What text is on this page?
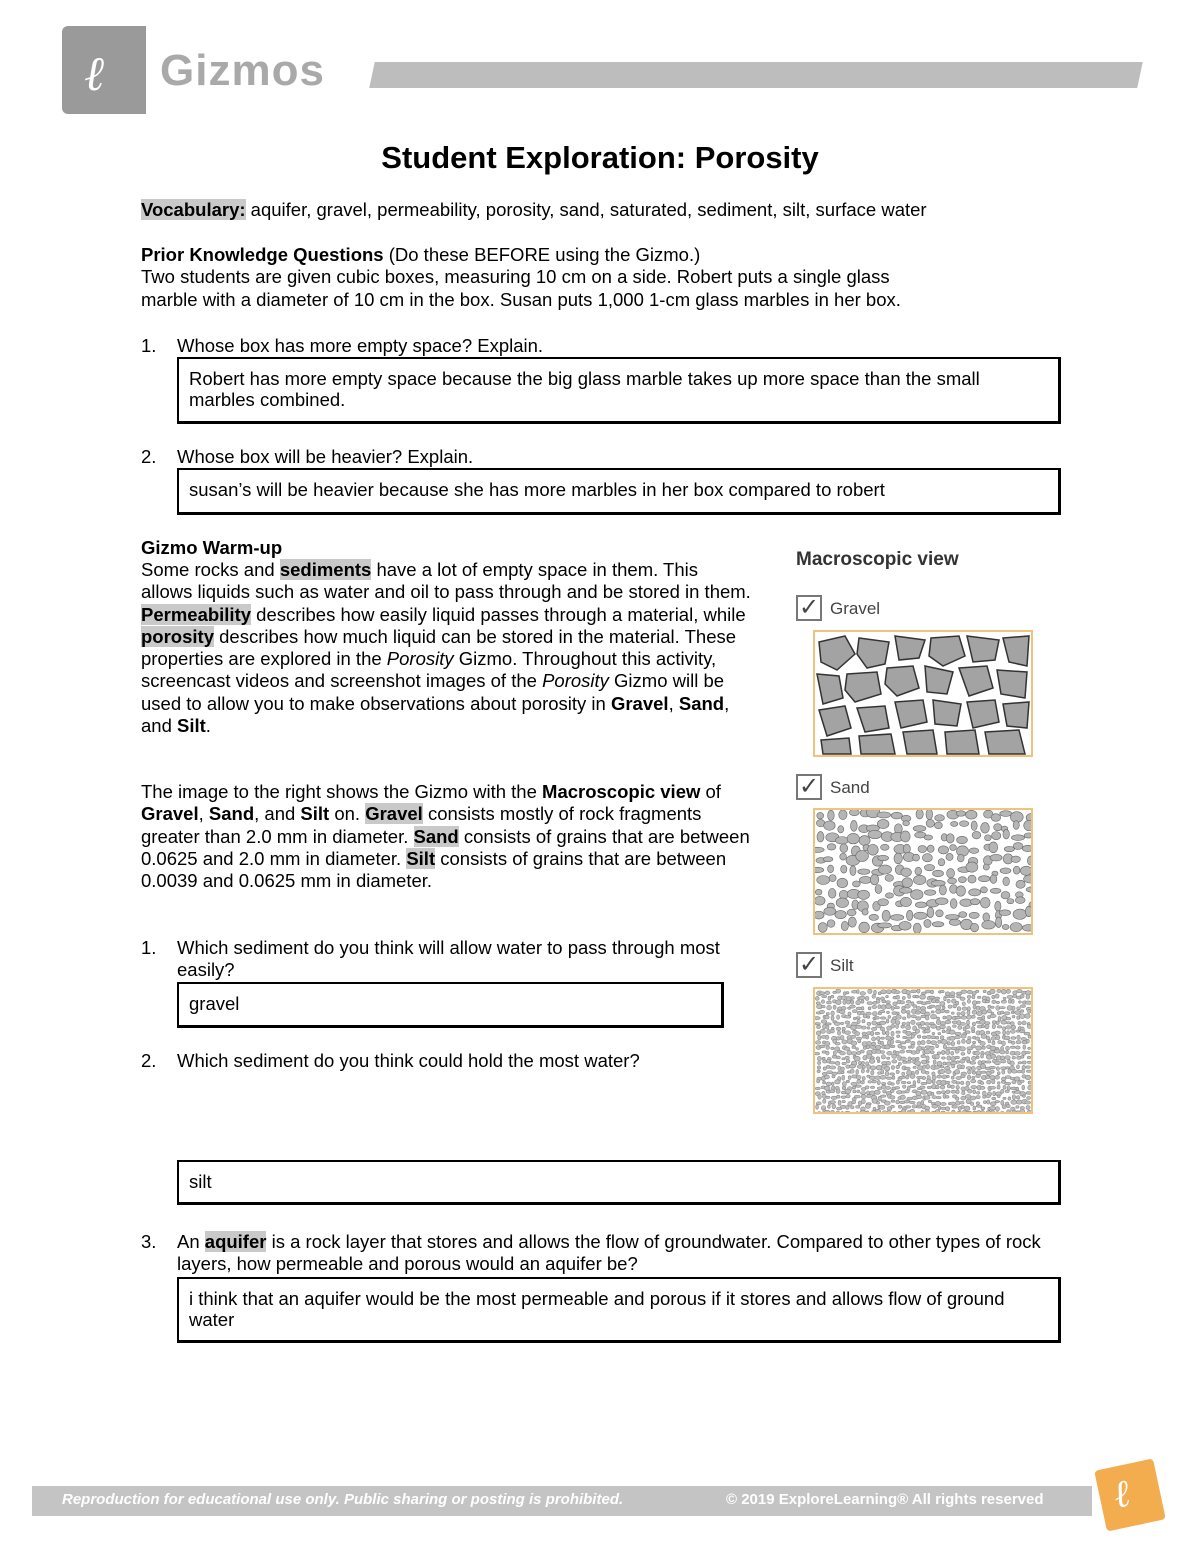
ℓ Gizmos
Student Exploration: Porosity
Vocabulary: aquifer, gravel, permeability, porosity, sand, saturated, sediment, silt, surface water
Prior Knowledge Questions (Do these BEFORE using the Gizmo.)
Two students are given cubic boxes, measuring 10 cm on a side. Robert puts a single glass
marble with a diameter of 10 cm in the box. Susan puts 1,000 1-cm glass marbles in her box.
1. Whose box has more empty space? Explain.
Robert has more empty space because the big glass marble takes up more space than the small marbles combined.
2. Whose box will be heavier? Explain.
susan’s will be heavier because she has more marbles in her box compared to robert
Gizmo Warm-up
Some rocks and sediments have a lot of empty space in them. This allows liquids such as water and oil to pass through and be stored in them. Permeability describes how easily liquid passes through a material, while porosity describes how much liquid can be stored in the material. These properties are explored in the Porosity Gizmo. Throughout this activity, screencast videos and screenshot images of the Porosity Gizmo will be used to allow you to make observations about porosity in Gravel, Sand, and Silt.
The image to the right shows the Gizmo with the Macroscopic view of Gravel, Sand, and Silt on. Gravel consists mostly of rock fragments greater than 2.0 mm in diameter. Sand consists of grains that are between 0.0625 and 2.0 mm in diameter. Silt consists of grains that are between 0.0039 and 0.0625 mm in diameter.
1. Which sediment do you think will allow water to pass through most easily?
gravel
2. Which sediment do you think could hold the most water?
silt
3. An aquifer is a rock layer that stores and allows the flow of groundwater. Compared to other types of rock layers, how permeable and porous would an aquifer be?
i think that an aquifer would be the most permeable and porous if it stores and allows flow of ground water
Macroscopic view
✓ Gravel
✓ Sand
✓ Silt
Reproduction for educational use only. Public sharing or posting is prohibited.	© 2019 ExploreLearning® All rights reserved ℓ
